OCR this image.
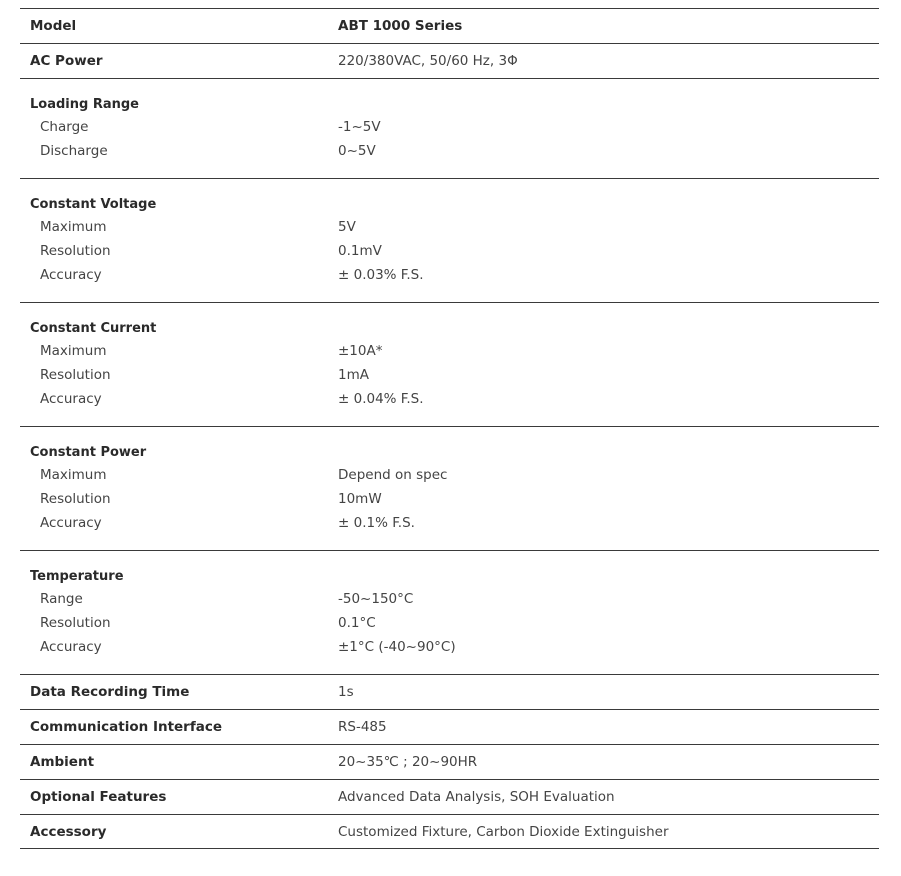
Model	ABT 1000 Series
AC Power	220/380VAC, 50/60 Hz, 3Φ
Loading Range
Charge	-1~5V
Discharge	0~5V
Constant Voltage
Maximum	5V
Resolution	0.1mV
Accuracy	± 0.03% F.S.
Constant Current
Maximum	±10A*
Resolution	1mA
Accuracy	± 0.04% F.S.
Constant Power
Maximum	Depend on spec
Resolution	10mW
Accuracy	± 0.1% F.S.
Temperature
Range	-50~150°C
Resolution	0.1°C
Accuracy	±1°C (-40~90°C)
Data Recording Time	1s
Communication Interface	RS-485
Ambient	20~35℃ ; 20~90HR
Optional Features	Advanced Data Analysis, SOH Evaluation
Accessory	Customized Fixture, Carbon Dioxide Extinguisher
